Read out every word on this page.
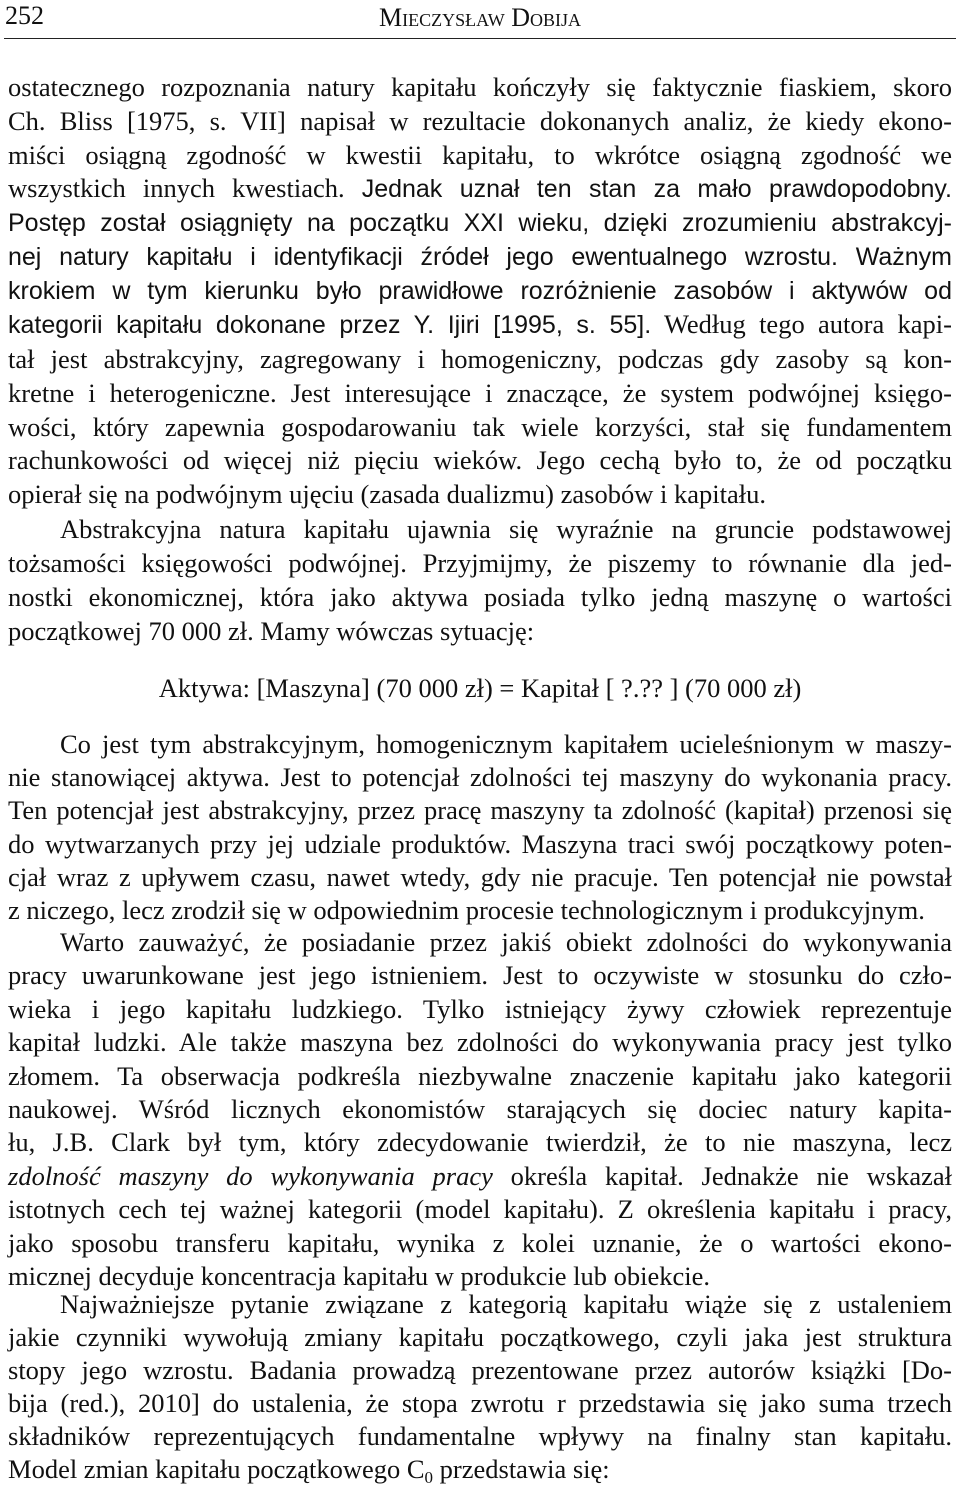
252	mieczysław dobija
ostatecznego rozpoznania natury kapitału kończyły się faktycznie fiaskiem, skoro
Ch. Bliss [1975, s. VII] napisał w rezultacie dokonanych analiz, że kiedy ekono-
miści osiągną zgodność w kwestii kapitału, to wkrótce osiągną zgodność we
wszystkich innych kwestiach. Jednak uznał ten stan za mało prawdopodobny.
Postęp został osiągnięty na początku XXI wieku, dzięki zrozumieniu abstrakcyj-
nej natury kapitału i identyfikacji źródeł jego ewentualnego wzrostu. Ważnym
krokiem w tym kierunku było prawidłowe rozróżnienie zasobów i aktywów od
kategorii kapitału dokonane przez Y. Ijiri [1995, s. 55]. Według tego autora kapi-
tał jest abstrakcyjny, zagregowany i homogeniczny, podczas gdy zasoby są kon-
kretne i heterogeniczne. Jest interesujące i znaczące, że system podwójnej księgo-
wości, który zapewnia gospodarowaniu tak wiele korzyści, stał się fundamentem
rachunkowości od więcej niż pięciu wieków. Jego cechą było to, że od początku
opierał się na podwójnym ujęciu (zasada dualizmu) zasobów i kapitału.
Abstrakcyjna natura kapitału ujawnia się wyraźnie na gruncie podstawowej
tożsamości księgowości podwójnej. Przyjmijmy, że piszemy to równanie dla jed-
nostki ekonomicznej, która jako aktywa posiada tylko jedną maszynę o wartości
początkowej 70 000 zł. Mamy wówczas sytuację:
Aktywa: [Maszyna] (70 000 zł) = Kapitał [ ?.?? ] (70 000 zł)
Co jest tym abstrakcyjnym, homogenicznym kapitałem ucieleśnionym w maszy-
nie stanowiącej aktywa. Jest to potencjał zdolności tej maszyny do wykonania pracy.
Ten potencjał jest abstrakcyjny, przez pracę maszyny ta zdolność (kapitał) przenosi się
do wytwarzanych przy jej udziale produktów. Maszyna traci swój początkowy poten-
cjał wraz z upływem czasu, nawet wtedy, gdy nie pracuje. Ten potencjał nie powstał
z niczego, lecz zrodził się w odpowiednim procesie technologicznym i produkcyjnym.
Warto zauważyć, że posiadanie przez jakiś obiekt zdolności do wykonywania
pracy uwarunkowane jest jego istnieniem. Jest to oczywiste w stosunku do czło-
wieka i jego kapitału ludzkiego. Tylko istniejący żywy człowiek reprezentuje
kapitał ludzki. Ale także maszyna bez zdolności do wykonywania pracy jest tylko
złomem. Ta obserwacja podkreśla niezbywalne znaczenie kapitału jako kategorii
naukowej. Wśród licznych ekonomistów starających się dociec natury kapita-
łu, J.B. Clark był tym, który zdecydowanie twierdził, że to nie maszyna, lecz
zdolność maszyny do wykonywania pracy określa kapitał. Jednakże nie wskazał
istotnych cech tej ważnej kategorii (model kapitału). Z określenia kapitału i pracy,
jako sposobu transferu kapitału, wynika z kolei uznanie, że o wartości ekono-
micznej decyduje koncentracja kapitału w produkcie lub obiekcie.
Najważniejsze pytanie związane z kategorią kapitału wiąże się z ustaleniem
jakie czynniki wywołują zmiany kapitału początkowego, czyli jaka jest struktura
stopy jego wzrostu. Badania prowadzą prezentowane przez autorów książki [Do-
bija (red.), 2010] do ustalenia, że stopa zwrotu r przedstawia się jako suma trzech
składników reprezentujących fundamentalne wpływy na finalny stan kapitału.
Model zmian kapitału początkowego $C_0$ przedstawia się:
